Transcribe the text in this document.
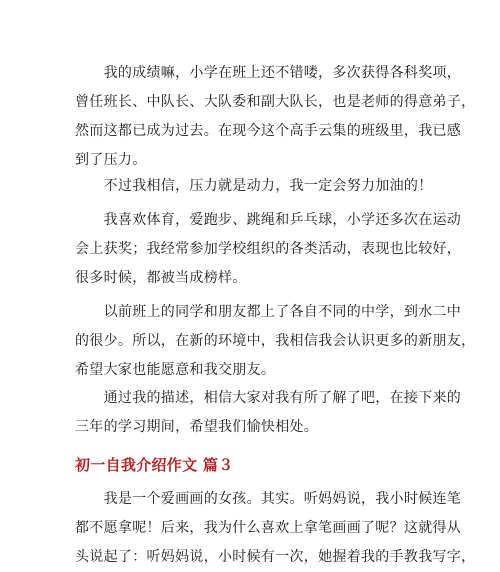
　　我的成绩嘛，小学在班上还不错喽，多次获得各科奖项，
曾任班长、中队长、大队委和副大队长，也是老师的得意弟子，
然而这都已成为过去。在现今这个高手云集的班级里，我已感
到了压力。

　　不过我相信，压力就是动力，我一定会努力加油的！

　　我喜欢体育，爱跑步、跳绳和乒乓球，小学还多次在运动
会上获奖；我经常参加学校组织的各类活动，表现也比较好，
很多时候，都被当成榜样。

　　以前班上的同学和朋友都上了各自不同的中学，到水二中
的很少。所以，在新的环境中，我相信我会认识更多的新朋友，
希望大家也能愿意和我交朋友。

　　通过我的描述，相信大家对我有所了解了吧，在接下来的
三年的学习期间，希望我们愉快相处。

初一自我介绍作文 篇３

　　我是一个爱画画的女孩。其实。听妈妈说，我小时候连笔
都不愿拿呢！后来，我为什么喜欢上拿笔画画了呢？这就得从
头说起了：听妈妈说，小时候有一次，她握着我的手教我写字，
